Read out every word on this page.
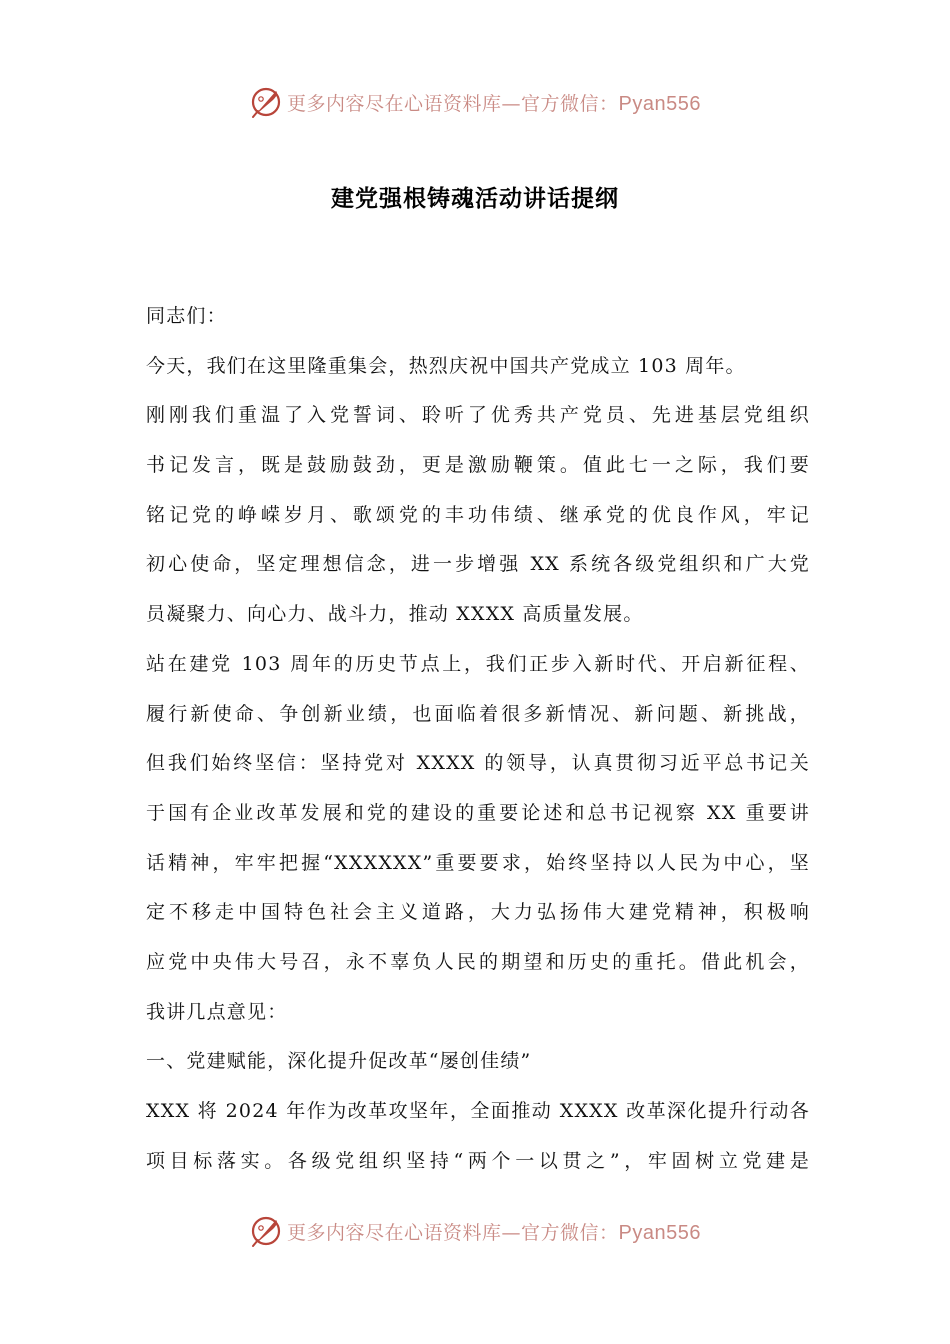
更多内容尽在心语资料库—官方微信：Pyan556
建党强根铸魂活动讲话提纲
同志们：
今天，我们在这里隆重集会，热烈庆祝中国共产党成立 103 周年。
刚刚我们重温了入党誓词、聆听了优秀共产党员、先进基层党组织
书记发言，既是鼓励鼓劲，更是激励鞭策。值此七一之际，我们要
铭记党的峥嵘岁月、歌颂党的丰功伟绩、继承党的优良作风，牢记
初心使命，坚定理想信念，进一步增强 XX 系统各级党组织和广大党
员凝聚力、向心力、战斗力，推动 XXXX 高质量发展。
站在建党 103 周年的历史节点上，我们正步入新时代、开启新征程、
履行新使命、争创新业绩，也面临着很多新情况、新问题、新挑战，
但我们始终坚信：坚持党对 XXXX 的领导，认真贯彻习近平总书记关
于国有企业改革发展和党的建设的重要论述和总书记视察 XX 重要讲
话精神，牢牢把握“XXXXXX”重要要求，始终坚持以人民为中心，坚
定不移走中国特色社会主义道路，大力弘扬伟大建党精神，积极响
应党中央伟大号召，永不辜负人民的期望和历史的重托。借此机会，
我讲几点意见：
一、党建赋能，深化提升促改革“屡创佳绩”
XXX 将 2024 年作为改革攻坚年，全面推动 XXXX 改革深化提升行动各
项目标落实。各级党组织坚持“两个一以贯之”，牢固树立党建是
更多内容尽在心语资料库—官方微信：Pyan556
